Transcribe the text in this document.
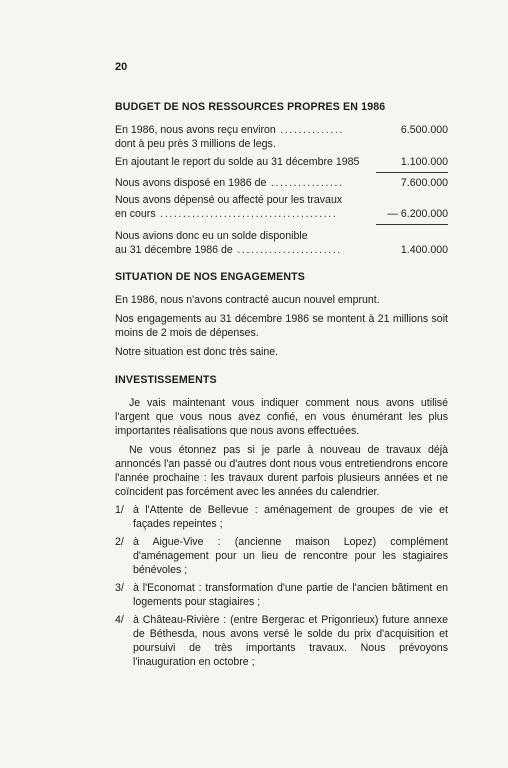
20

BUDGET DE NOS RESSOURCES PROPRES EN 1986

En 1986, nous avons reçu environ ..............	6.500.000

dont à peu près 3 millions de legs.

En ajoutant le report du solde au 31 décembre 1985	1.100.000
Nous avons disposé en 1986 de ................	7.600.000

Nous avons dépensé ou affecté pour les travaux

en cours .......................................	— 6.200.000

Nous avions donc eu un solde disponible

au 31 décembre 1986 de .......................	1.400.000

SITUATION DE NOS ENGAGEMENTS

En 1986, nous n'avons contracté aucun nouvel emprunt.

Nos engagements au 31 décembre 1986 se montent à 21 millions soit moins de 2 mois de dépenses.

Notre situation est donc très saine.

INVESTISSEMENTS

Je vais maintenant vous indiquer comment nous avons utilisé l'argent que vous nous avez confié, en vous énumérant les plus importantes réalisations que nous avons effectuées.

Ne vous étonnez pas si je parle à nouveau de travaux déjà annoncés l'an passé ou d'autres dont nous vous entretiendrons encore l'année prochaine : les travaux durent parfois plusieurs années et ne coïncident pas forcément avec les années du calendrier.

1/ à l'Attente de Bellevue : aménagement de groupes de vie et façades repeintes ;
2/ à Aigue-Vive : (ancienne maison Lopez) complément d'aménagement pour un lieu de rencontre pour les stagiaires bénévoles ;
3/ à l'Economat : transformation d'une partie de l'ancien bâtiment en logements pour stagiaires ;
4/ à Château-Rivière : (entre Bergerac et Prigonrieux) future annexe de Béthesda, nous avons versé le solde du prix d'acquisition et poursuivi de très importants travaux. Nous prévoyons l'inauguration en octobre ;
